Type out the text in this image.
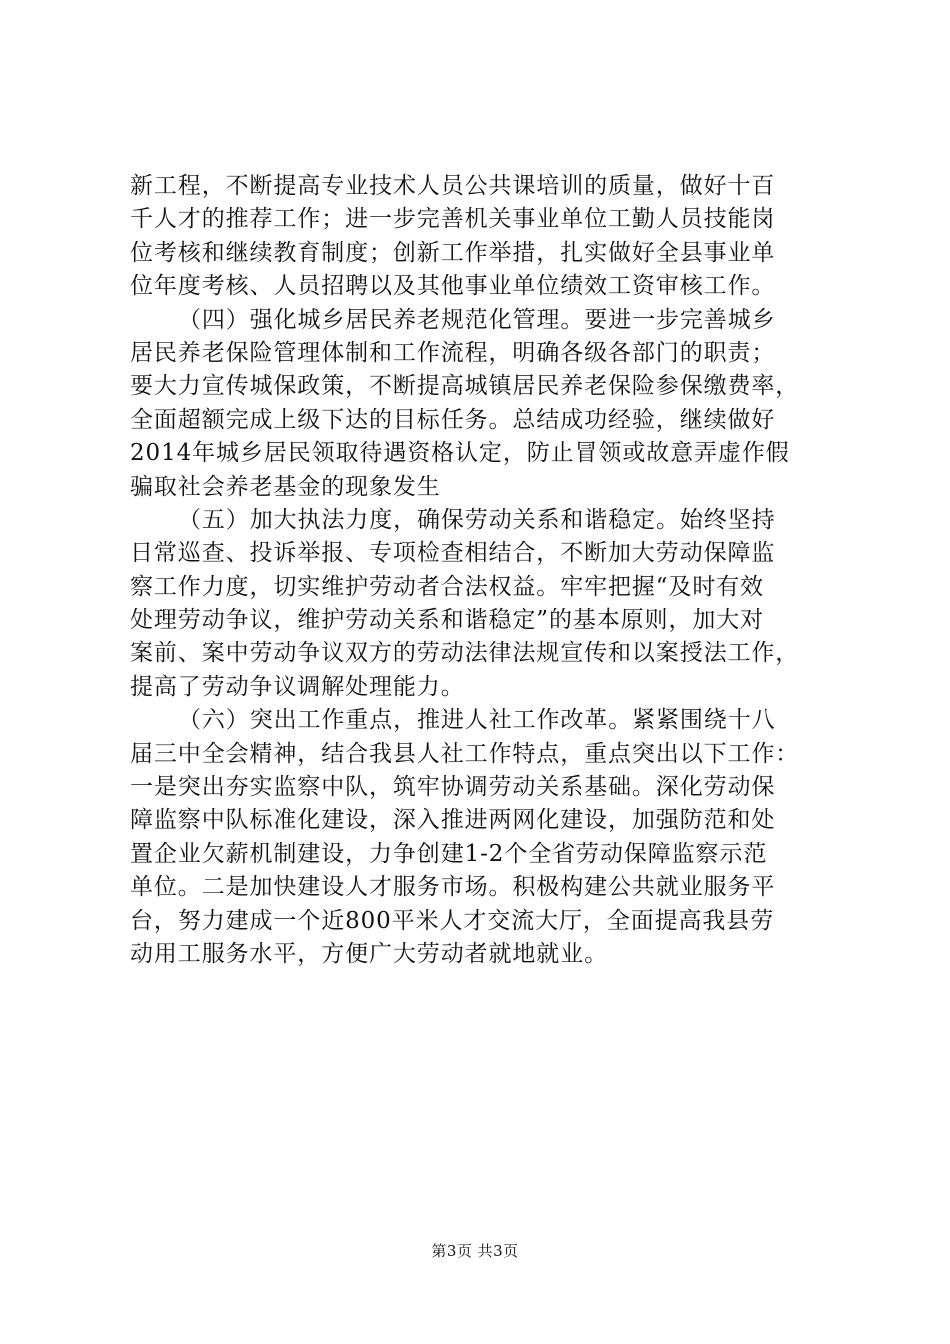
新工程，不断提高专业技术人员公共课培训的质量，做好十百
千人才的推荐工作；进一步完善机关事业单位工勤人员技能岗
位考核和继续教育制度；创新工作举措，扎实做好全县事业单
位年度考核、人员招聘以及其他事业单位绩效工资审核工作。
（四）强化城乡居民养老规范化管理。要进一步完善城乡
居民养老保险管理体制和工作流程，明确各级各部门的职责；
要大力宣传城保政策，不断提高城镇居民养老保险参保缴费率，
全面超额完成上级下达的目标任务。总结成功经验，继续做好
2014年城乡居民领取待遇资格认定，防止冒领或故意弄虚作假
骗取社会养老基金的现象发生
（五）加大执法力度，确保劳动关系和谐稳定。始终坚持
日常巡查、投诉举报、专项检查相结合，不断加大劳动保障监
察工作力度，切实维护劳动者合法权益。牢牢把握“及时有效
处理劳动争议，维护劳动关系和谐稳定”的基本原则，加大对
案前、案中劳动争议双方的劳动法律法规宣传和以案授法工作，
提高了劳动争议调解处理能力。
（六）突出工作重点，推进人社工作改革。紧紧围绕十八
届三中全会精神，结合我县人社工作特点，重点突出以下工作：
一是突出夯实监察中队，筑牢协调劳动关系基础。深化劳动保
障监察中队标准化建设，深入推进两网化建设，加强防范和处
置企业欠薪机制建设，力争创建1-2个全省劳动保障监察示范
单位。二是加快建设人才服务市场。积极构建公共就业服务平
台，努力建成一个近800平米人才交流大厅，全面提高我县劳
动用工服务水平，方便广大劳动者就地就业。
第3页 共3页
